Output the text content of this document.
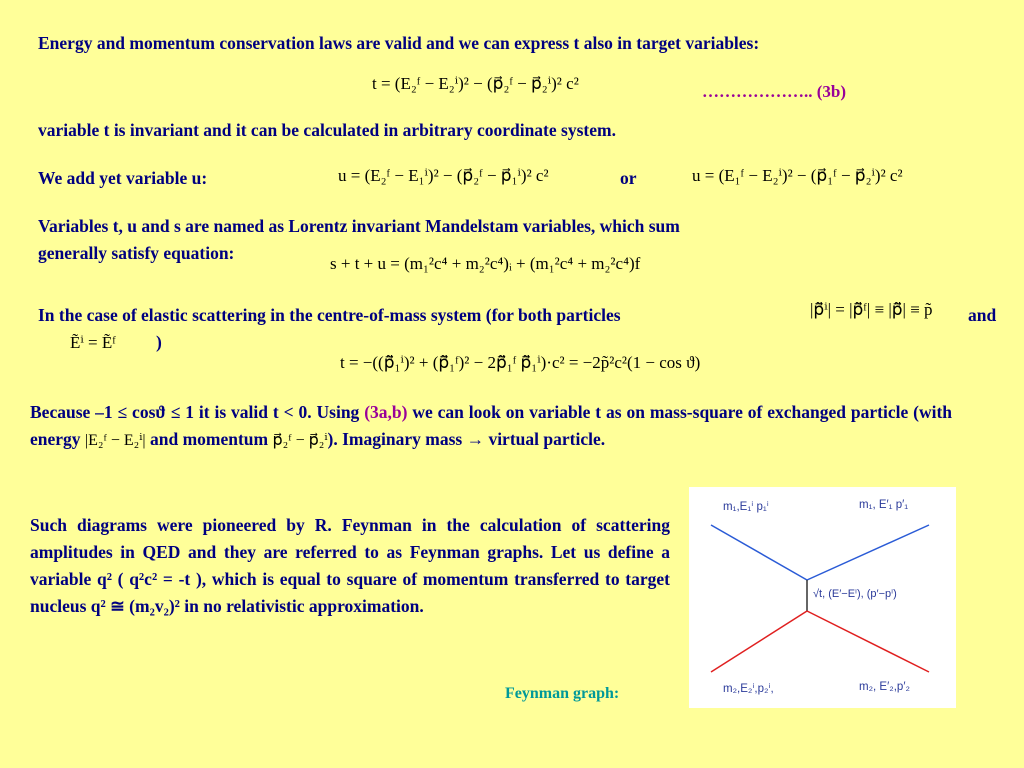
Energy and momentum conservation laws are valid and we can express t also in target variables:
t = (E₂ᶠ − E₂ⁱ)² − (p⃗₂ᶠ − p⃗₂ⁱ)² c²	……………….. (3b)
variable t is invariant and it can be calculated in arbitrary coordinate system.
We add yet variable u:	u = (E₂ᶠ − E₁ⁱ)² − (p⃗₂ᶠ − p⃗₁ⁱ)² c²	or	u = (E₁ᶠ − E₂ⁱ)² − (p⃗₁ᶠ − p⃗₂ⁱ)² c²
Variables t, u and s are named as Lorentz invariant Mandelstam variables, which sum
generally satisfy equation:
s + t + u = (m₁²c⁴ + m₂²c⁴)ᵢ + (m₁²c⁴ + m₂²c⁴)f
In the case of elastic scattering in the centre-of-mass system (for both particles	|p̃⃗ⁱ| = |p̃⃗ᶠ| ≡ |p̃⃗| ≡ p̃ and
Ẽⁱ = Ẽᶠ )
t = −((p̃⃗₁ⁱ)² + (p̃⃗₁ᶠ)² − 2p̃⃗₁ᶠ p̃⃗₁ⁱ)·c² = −2p̃²c²(1 − cos ϑ)
Because –1 ≤ cosϑ ≤ 1 it is valid t < 0. Using (3a,b) we can look on variable t as on mass-square of exchanged particle (with energy |E₂ᶠ − E₂ⁱ| and momentum p⃗₂ᶠ − p⃗₂ⁱ). Imaginary mass → virtual particle.
Such diagrams were pioneered by R. Feynman in the calculation of scattering amplitudes in QED and they are referred to as Feynman graphs. Let us define a variable q² ( q²c² = -t ), which is equal to square of momentum transferred to target nucleus q² ≅ (m₂v₂)² in no relativistic approximation.
Feynman graph:
m₁,E₁ⁱ p₁ⁱ	m₁, E′₁ p′₁
√t, (E′−Eⁱ), (p′−pⁱ)
m₂,E₂ⁱ,p₂ⁱ,	m₂, E′₂,p′₂
